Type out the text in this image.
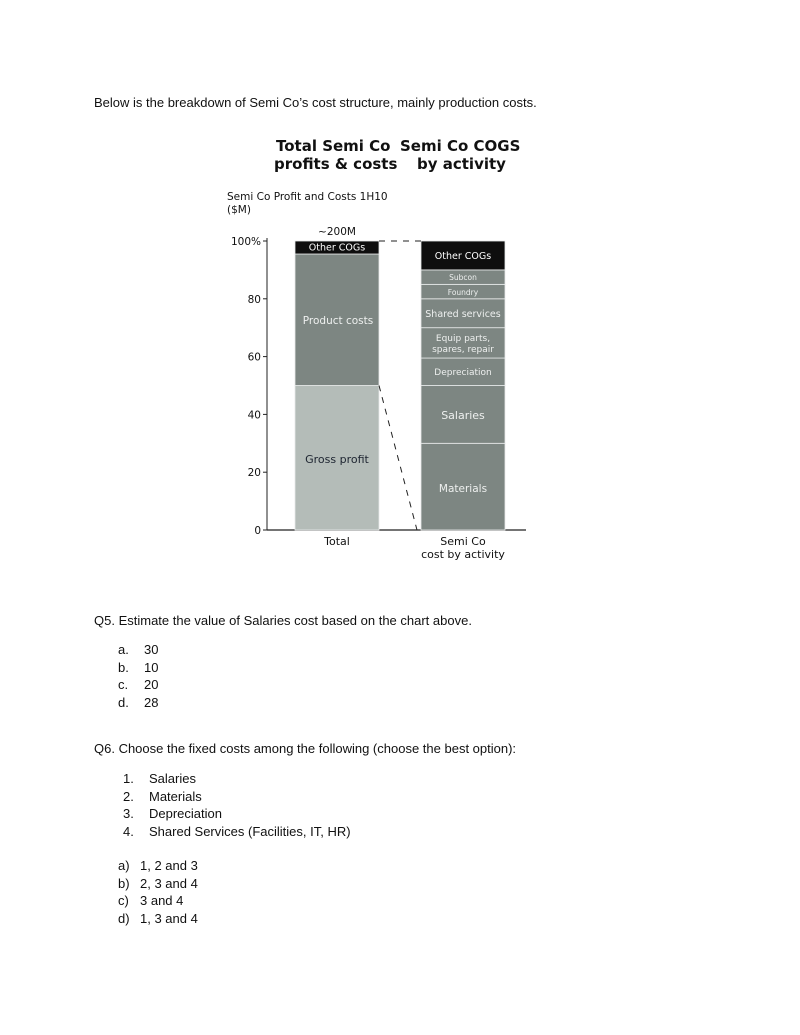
Below is the breakdown of Semi Co’s cost structure, mainly production costs.
Total Semi Co
profits & costs
Semi Co COGS
by activity
Semi Co Profit and Costs 1H10
($M)
0
20
40
60
80
100%
Gross profit
Product costs
Other COGs
Materials
Salaries
Depreciation
Equip parts,
spares, repair
Shared services
Foundry
Subcon
Other COGs
~200M
Total	Semi Co
cost by activity
Q5. Estimate the value of Salaries cost based on the chart above.
a. 30
b. 10
c. 20
d. 28
Q6. Choose the fixed costs among the following (choose the best option):
1. Salaries
2. Materials
3. Depreciation
4. Shared Services (Facilities, IT, HR)
a) 1, 2 and 3
b) 2, 3 and 4
c) 3 and 4
d) 1, 3 and 4
